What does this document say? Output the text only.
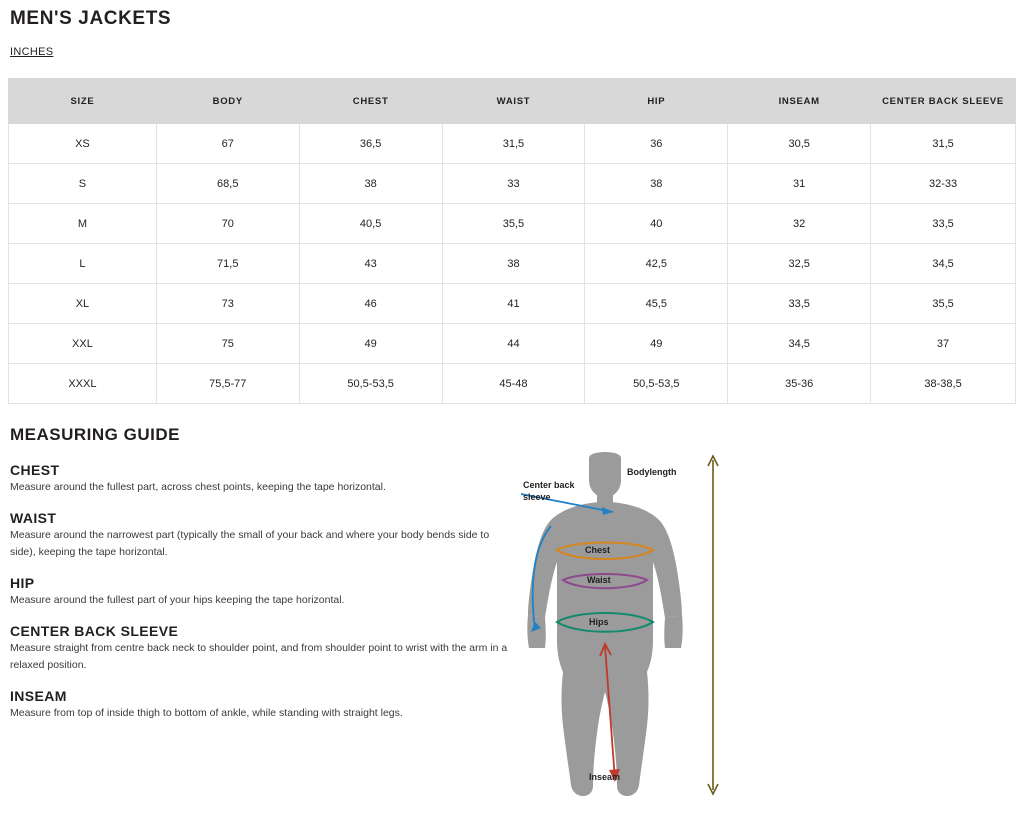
MEN'S JACKETS
INCHES
SIZE	BODY	CHEST	WAIST	HIP	INSEAM	CENTER BACK SLEEVE
XS	67	36,5	31,5	36	30,5	31,5
S	68,5	38	33	38	31	32-33
M	70	40,5	35,5	40	32	33,5
L	71,5	43	38	42,5	32,5	34,5
XL	73	46	41	45,5	33,5	35,5
XXL	75	49	44	49	34,5	37
XXXL	75,5-77	50,5-53,5	45-48	50,5-53,5	35-36	38-38,5
MEASURING GUIDE
CHEST

Measure around the fullest part, across chest points, keeping the tape horizontal.

WAIST

Measure around the narrowest part (typically the small of your back and where your body bends side to side), keeping the tape horizontal.

HIP

Measure around the fullest part of your hips keeping the tape horizontal.

CENTER BACK SLEEVE

Measure straight from centre back neck to shoulder point, and from shoulder point to wrist with the arm in a relaxed position.

INSEAM

Measure from top of inside thigh to bottom of ankle, while standing with straight legs.

Bodylength
Center back
sleeve
Chest
Waist
Hips
Inseam
